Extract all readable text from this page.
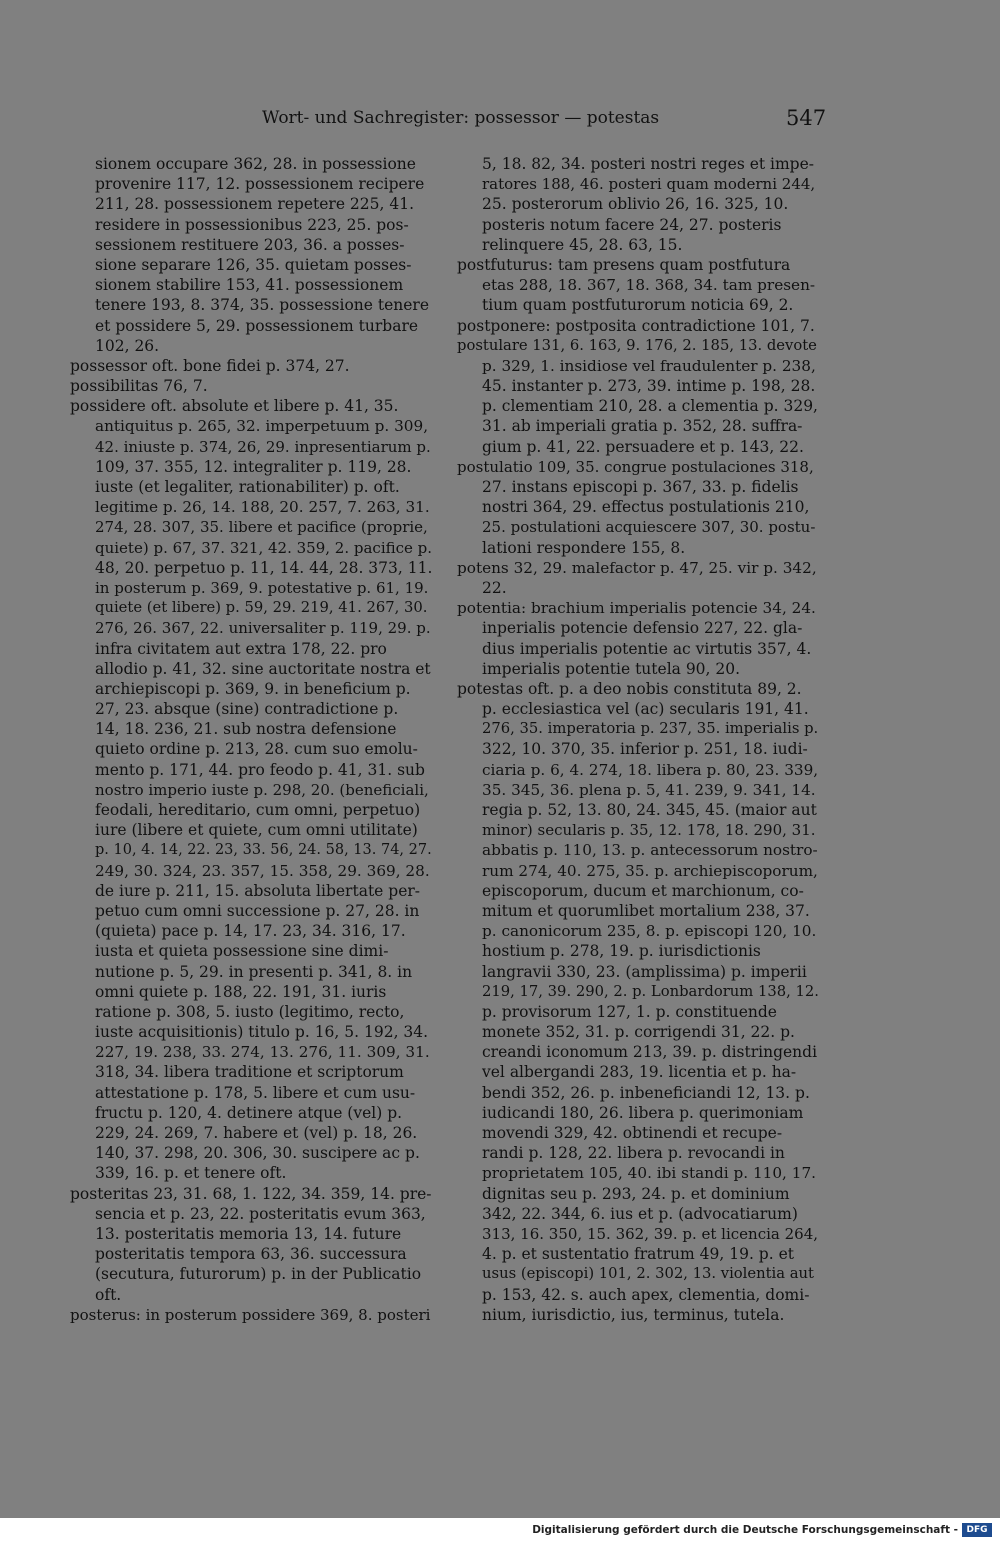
Wort- und Sachregister: possessor — potestas	547
sionem occupare 362, 28. in possessione
provenire 117, 12. possessionem recipere
211, 28. possessionem repetere 225, 41.
residere in possessionibus 223, 25. pos-
sessionem restituere 203, 36. a posses-
sione separare 126, 35. quietam posses-
sionem stabilire 153, 41. possessionem
tenere 193, 8. 374, 35. possessione tenere
et possidere 5, 29. possessionem turbare
102, 26.
possessor oft. bone fidei p. 374, 27.
possibilitas 76, 7.
possidere oft. absolute et libere p. 41, 35.
antiquitus p. 265, 32. imperpetuum p. 309,
42. iniuste p. 374, 26, 29. inpresentiarum p.
109, 37. 355, 12. integraliter p. 119, 28.
iuste (et legaliter, rationabiliter) p. oft.
legitime p. 26, 14. 188, 20. 257, 7. 263, 31.
274, 28. 307, 35. libere et pacifice (proprie,
quiete) p. 67, 37. 321, 42. 359, 2. pacifice p.
48, 20. perpetuo p. 11, 14. 44, 28. 373, 11.
in posterum p. 369, 9. potestative p. 61, 19.
quiete (et libere) p. 59, 29. 219, 41. 267, 30.
276, 26. 367, 22. universaliter p. 119, 29. p.
infra civitatem aut extra 178, 22. pro
allodio p. 41, 32. sine auctoritate nostra et
archiepiscopi p. 369, 9. in beneficium p.
27, 23. absque (sine) contradictione p.
14, 18. 236, 21. sub nostra defensione
quieto ordine p. 213, 28. cum suo emolu-
mento p. 171, 44. pro feodo p. 41, 31. sub
nostro imperio iuste p. 298, 20. (beneficiali,
feodali, hereditario, cum omni, perpetuo)
iure (libere et quiete, cum omni utilitate)
p. 10, 4. 14, 22. 23, 33. 56, 24. 58, 13. 74, 27.
249, 30. 324, 23. 357, 15. 358, 29. 369, 28.
de iure p. 211, 15. absoluta libertate per-
petuo cum omni successione p. 27, 28. in
(quieta) pace p. 14, 17. 23, 34. 316, 17.
iusta et quieta possessione sine dimi-
nutione p. 5, 29. in presenti p. 341, 8. in
omni quiete p. 188, 22. 191, 31. iuris
ratione p. 308, 5. iusto (legitimo, recto,
iuste acquisitionis) titulo p. 16, 5. 192, 34.
227, 19. 238, 33. 274, 13. 276, 11. 309, 31.
318, 34. libera traditione et scriptorum
attestatione p. 178, 5. libere et cum usu-
fructu p. 120, 4. detinere atque (vel) p.
229, 24. 269, 7. habere et (vel) p. 18, 26.
140, 37. 298, 20. 306, 30. suscipere ac p.
339, 16. p. et tenere oft.
posteritas 23, 31. 68, 1. 122, 34. 359, 14. pre-
sencia et p. 23, 22. posteritatis evum 363,
13. posteritatis memoria 13, 14. future
posteritatis tempora 63, 36. successura
(secutura, futurorum) p. in der Publicatio
oft.
posterus: in posterum possidere 369, 8. posteri
5, 18. 82, 34. posteri nostri reges et impe-
ratores 188, 46. posteri quam moderni 244,
25. posterorum oblivio 26, 16. 325, 10.
posteris notum facere 24, 27. posteris
relinquere 45, 28. 63, 15.
postfuturus: tam presens quam postfutura
etas 288, 18. 367, 18. 368, 34. tam presen-
tium quam postfuturorum noticia 69, 2.
postponere: postposita contradictione 101, 7.
postulare 131, 6. 163, 9. 176, 2. 185, 13. devote
p. 329, 1. insidiose vel fraudulenter p. 238,
45. instanter p. 273, 39. intime p. 198, 28.
p. clementiam 210, 28. a clementia p. 329,
31. ab imperiali gratia p. 352, 28. suffra-
gium p. 41, 22. persuadere et p. 143, 22.
postulatio 109, 35. congrue postulaciones 318,
27. instans episcopi p. 367, 33. p. fidelis
nostri 364, 29. effectus postulationis 210,
25. postulationi acquiescere 307, 30. postu-
lationi respondere 155, 8.
potens 32, 29. malefactor p. 47, 25. vir p. 342,
22.
potentia: brachium imperialis potencie 34, 24.
inperialis potencie defensio 227, 22. gla-
dius imperialis potentie ac virtutis 357, 4.
imperialis potentie tutela 90, 20.
potestas oft. p. a deo nobis constituta 89, 2.
p. ecclesiastica vel (ac) secularis 191, 41.
276, 35. imperatoria p. 237, 35. imperialis p.
322, 10. 370, 35. inferior p. 251, 18. iudi-
ciaria p. 6, 4. 274, 18. libera p. 80, 23. 339,
35. 345, 36. plena p. 5, 41. 239, 9. 341, 14.
regia p. 52, 13. 80, 24. 345, 45. (maior aut
minor) secularis p. 35, 12. 178, 18. 290, 31.
abbatis p. 110, 13. p. antecessorum nostro-
rum 274, 40. 275, 35. p. archiepiscoporum,
episcoporum, ducum et marchionum, co-
mitum et quorumlibet mortalium 238, 37.
p. canonicorum 235, 8. p. episcopi 120, 10.
hostium p. 278, 19. p. iurisdictionis
langravii 330, 23. (amplissima) p. imperii
219, 17, 39. 290, 2. p. Lonbardorum 138, 12.
p. provisorum 127, 1. p. constituende
monete 352, 31. p. corrigendi 31, 22. p.
creandi iconomum 213, 39. p. distringendi
vel albergandi 283, 19. licentia et p. ha-
bendi 352, 26. p. inbeneficiandi 12, 13. p.
iudicandi 180, 26. libera p. querimoniam
movendi 329, 42. obtinendi et recupe-
randi p. 128, 22. libera p. revocandi in
proprietatem 105, 40. ibi standi p. 110, 17.
dignitas seu p. 293, 24. p. et dominium
342, 22. 344, 6. ius et p. (advocatiarum)
313, 16. 350, 15. 362, 39. p. et licencia 264,
4. p. et sustentatio fratrum 49, 19. p. et
usus (episcopi) 101, 2. 302, 13. violentia aut
p. 153, 42. s. auch apex, clementia, domi-
nium, iurisdictio, ius, terminus, tutela.
Digitalisierung gefördert durch die Deutsche Forschungsgemeinschaft - DFG
